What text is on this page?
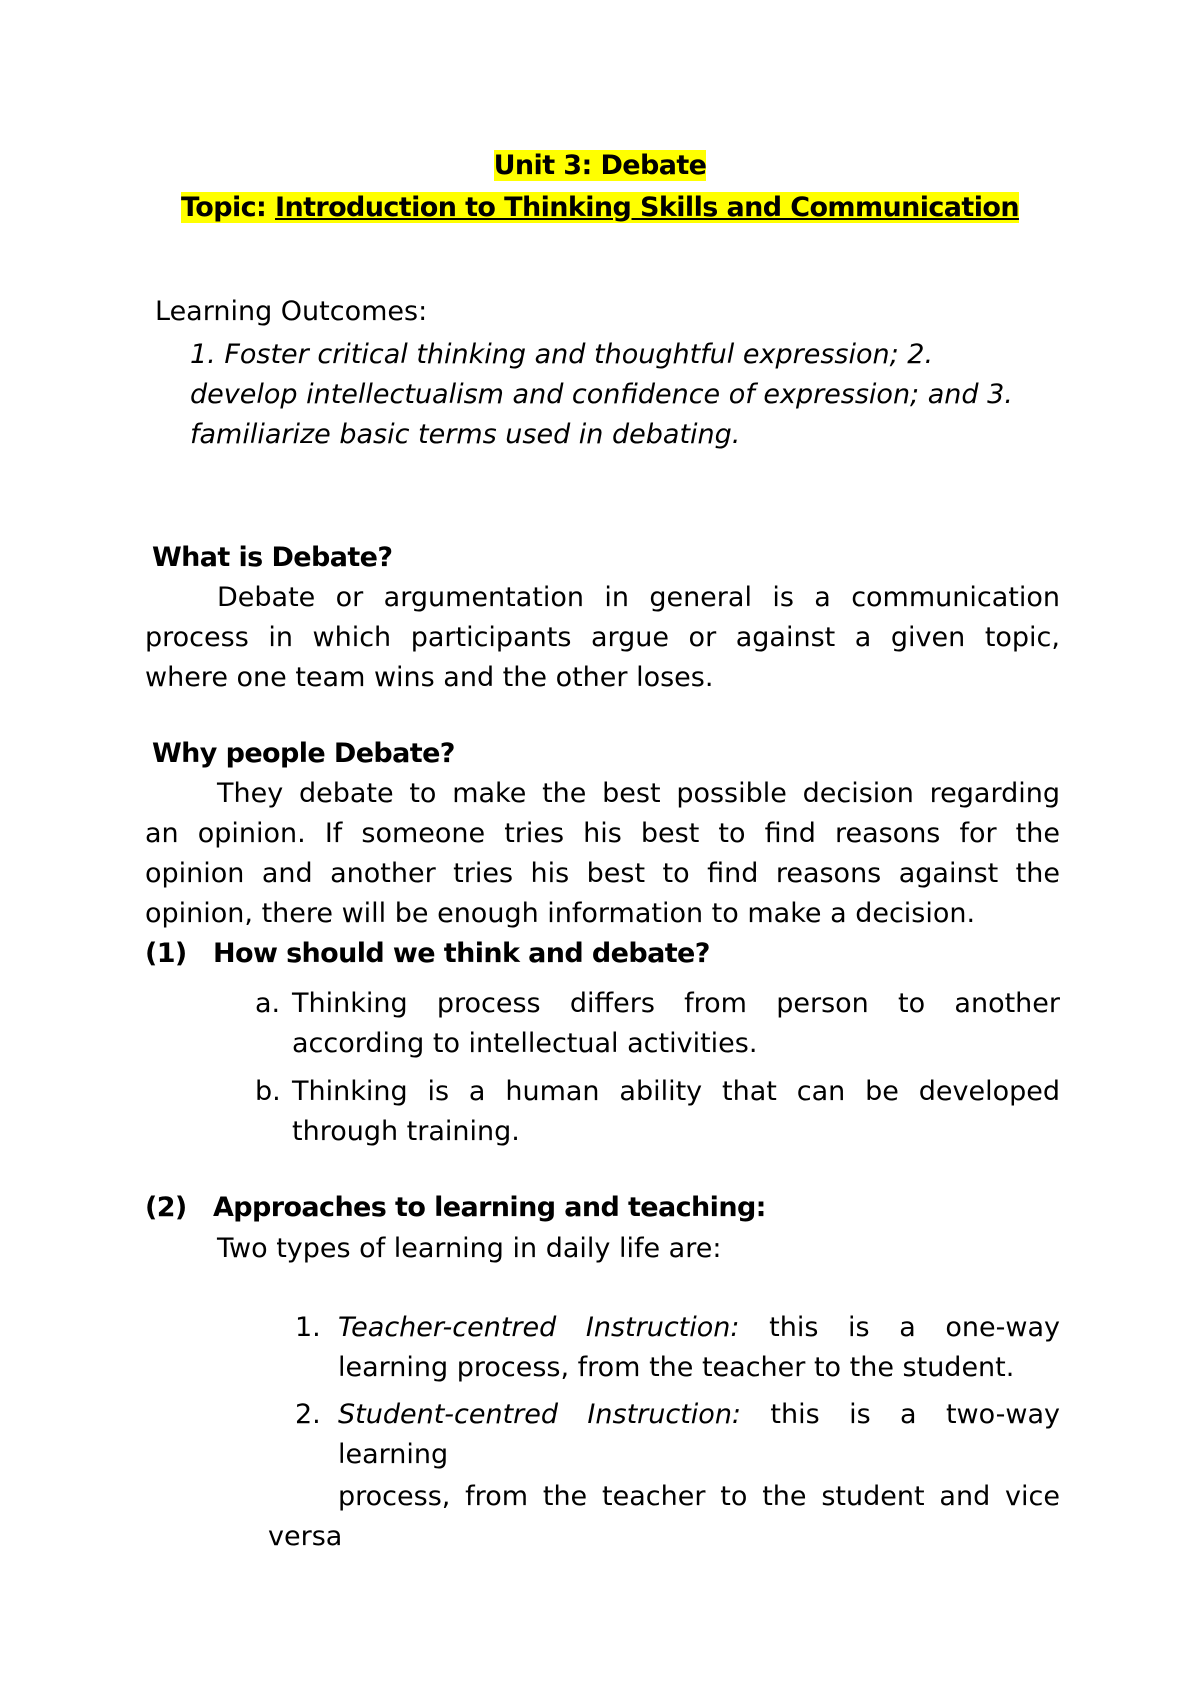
Unit 3: Debate
Topic: Introduction to Thinking Skills and Communication
Learning Outcomes:
1. Foster critical thinking and thoughtful expression; 2.
develop intellectualism and confidence of expression; and 3.
familiarize basic terms used in debating.
What is Debate?
Debate or argumentation in general is a communication
process in which participants argue or against a given topic,
where one team wins and the other loses.
Why people Debate?
They debate to make the best possible decision regarding
an opinion. If someone tries his best to find reasons for the
opinion and another tries his best to find reasons against the
opinion, there will be enough information to make a decision.
(1) How should we think and debate?
a. Thinking process differs from person to another
according to intellectual activities.
b. Thinking is a human ability that can be developed
through training.
(2) Approaches to learning and teaching:
Two types of learning in daily life are:
1. Teacher-centred Instruction: this is a one-way
learning process, from the teacher to the student.
2. Student-centred Instruction: this is a two-way
learning
process, from the teacher to the student and vice
versa
